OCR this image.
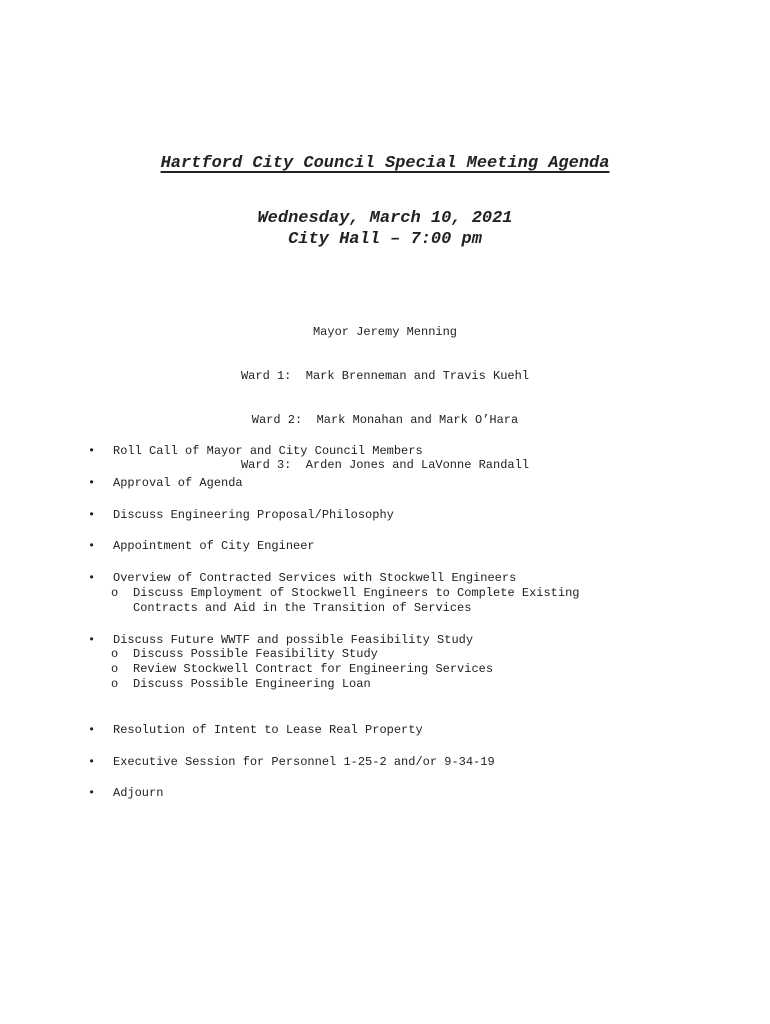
Hartford City Council Special Meeting Agenda
Wednesday, March 10, 2021
City Hall – 7:00 pm

Mayor Jeremy Menning

Ward 1:  Mark Brenneman and Travis Kuehl

Ward 2:  Mark Monahan and Mark O’Hara

Ward 3:  Arden Jones and LaVonne Randall

• Roll Call of Mayor and City Council Members
• Approval of Agenda
• Discuss Engineering Proposal/Philosophy
• Appointment of City Engineer
• Overview of Contracted Services with Stockwell Engineers
o Discuss Employment of Stockwell Engineers to Complete Existing
Contracts and Aid in the Transition of Services
• Discuss Future WWTF and possible Feasibility Study
o Discuss Possible Feasibility Study
o Review Stockwell Contract for Engineering Services
o Discuss Possible Engineering Loan
• Resolution of Intent to Lease Real Property
• Executive Session for Personnel 1-25-2 and/or 9-34-19
• Adjourn
